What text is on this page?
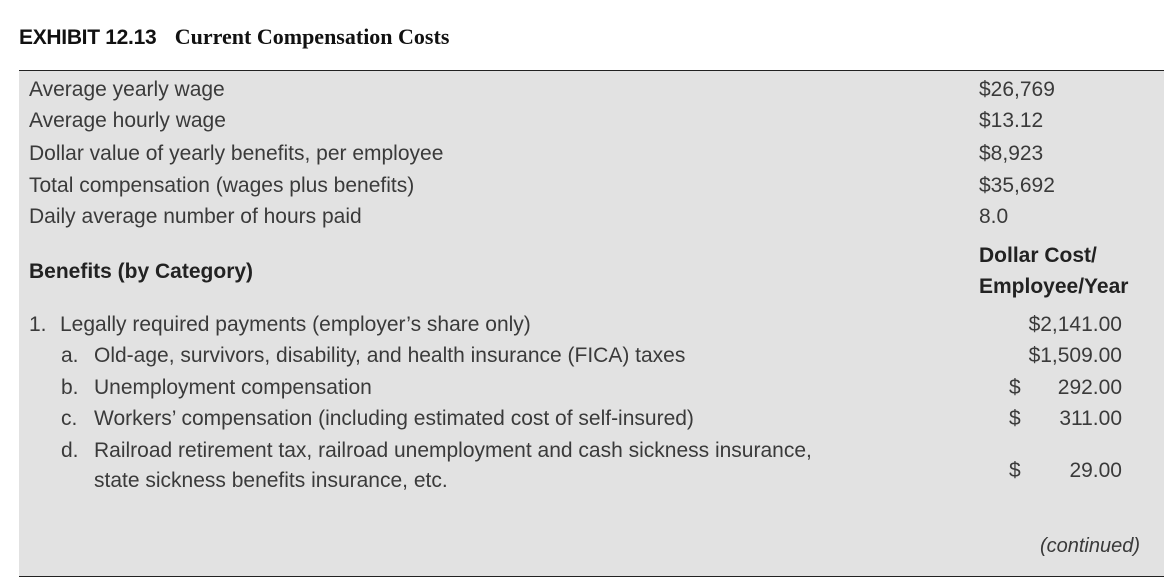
EXHIBIT 12.13 Current Compensation Costs
Average yearly wage	$26,769
Average hourly wage	$13.12
Dollar value of yearly benefits, per employee	$8,923
Total compensation (wages plus benefits)	$35,692
Daily average number of hours paid	8.0
Benefits (by Category)
Dollar Cost/
Employee/Year
1. Legally required payments (employer’s share only)	$2,141.00
a. Old-age, survivors, disability, and health insurance (FICA) taxes	$1,509.00
b. Unemployment compensation	$ 292.00
c. Workers’ compensation (including estimated cost of self-insured)	$ 311.00
d. Railroad retirement tax, railroad unemployment and cash sickness insurance,
state sickness benefits insurance, etc.	$ 29.00
(continued)
